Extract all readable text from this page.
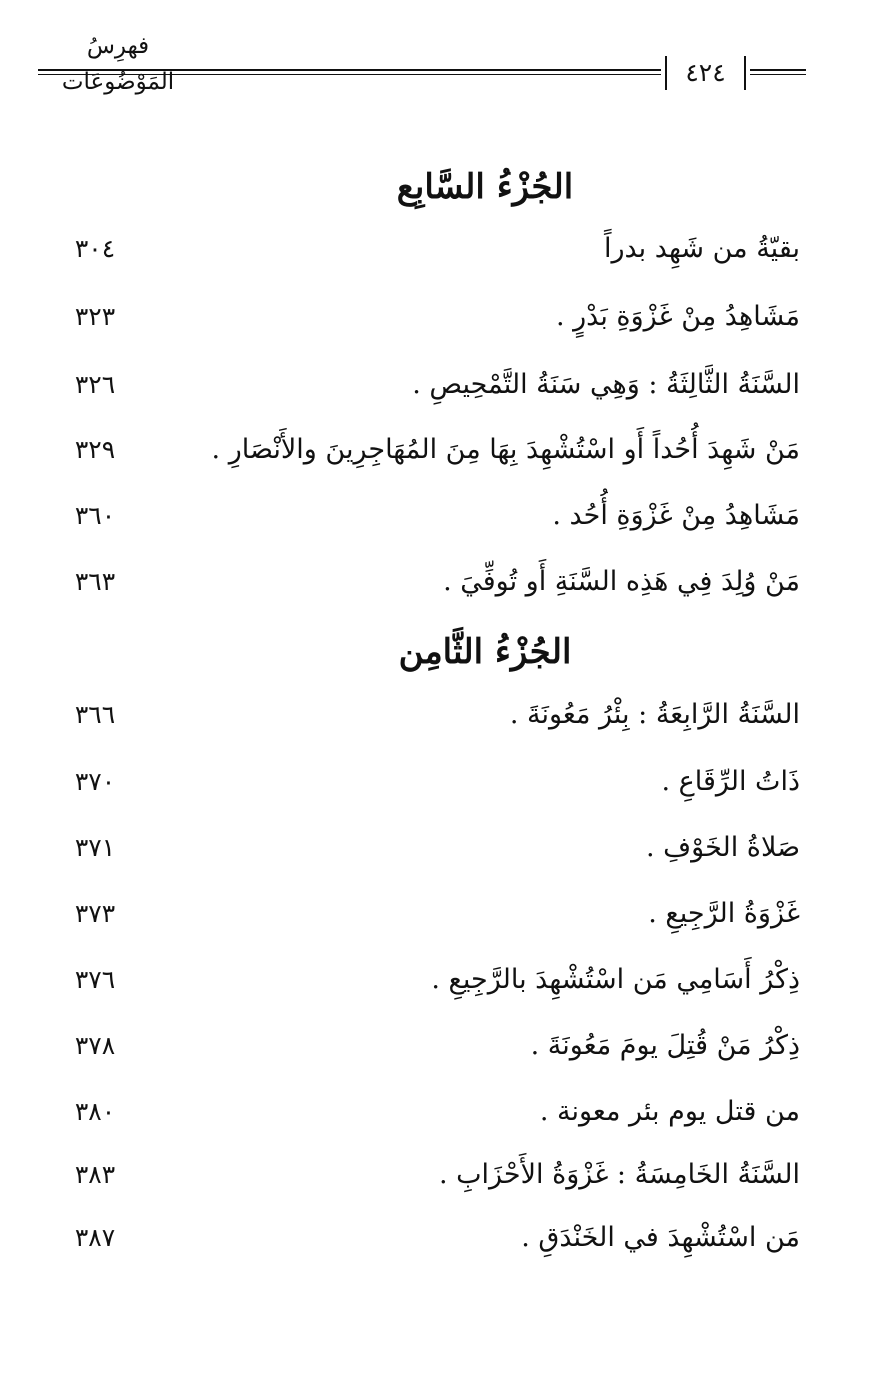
فهرِسُ المَوْضُوعَات	٤٢٤
الجُزْءُ السَّابِع
بقيّةُ من شَهِد بدراً
٣٠٤
مَشَاهِدُ مِنْ غَزْوَةِ بَدْرٍ .
٣٢٣
السَّنَةُ الثَّالِثَةُ : وَهِي سَنَةُ التَّمْحِيصِ .
٣٢٦
مَنْ شَهِدَ أُحُداً أَو اسْتُشْهِدَ بِهَا مِنَ المُهَاجِرِينَ والأَنْصَارِ .
٣٢٩
مَشَاهِدُ مِنْ غَزْوَةِ أُحُد .
٣٦٠
مَنْ وُلِدَ فِي هَذِه السَّنَةِ أَو تُوفِّيَ .
٣٦٣
الجُزْءُ الثَّامِن
السَّنَةُ الرَّابِعَةُ : بِئْرُ مَعُونَةَ .
٣٦٦
ذَاتُ الرِّقَاعِ .
٣٧٠
صَلاةُ الخَوْفِ .
٣٧١
غَزْوَةُ الرَّجِيعِ .
٣٧٣
ذِكْرُ أَسَامِي مَن اسْتُشْهِدَ بالرَّجِيعِ .
٣٧٦
ذِكْرُ مَنْ قُتِلَ يومَ مَعُونَةَ .
٣٧٨
من قتل يوم بئر معونة .
٣٨٠
السَّنَةُ الخَامِسَةُ : غَزْوَةُ الأَحْزَابِ .
٣٨٣
مَن اسْتُشْهِدَ في الخَنْدَقِ .
٣٨٧
